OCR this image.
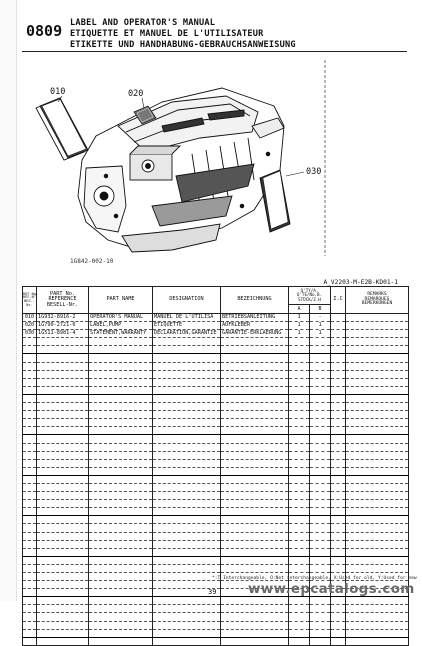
0809 LABEL AND OPERATOR'S MANUAL
ETIQUETTE ET MANUEL DE L'UTILISATEUR
ETIKETTE UND HANDHABUNG-GEBRAUCHSANWEISUNG
010	020
030
1G842-002-10
A_V2203-M-E2B-KD01-1
REF.No.
RÉF.N°
BEZ.-Nr.	PART No.
REFERENCE
BESELL-Nr.	PART NAME	DESIGNATION	BEZEICHNUNG	Q'TY/A.
Q'TE/No.B.
STÜCK/Z.H		I.C	REMARKS
REMARQUES
BEMERKUNGEN
					A	B		
010	1G932-8916-2	OPERATOR'S MANUAL	MANUEL DE L'UTILISA	BETRIEBSANLEITUNG	1	-		
020	1G790-2721-0	LABEL,PUMP	ETIQUETTE	AUFKLEBER	1	1		
030	1G511-8981-4	STATEMENT,WARRANTY	DECLARATION,GARANTIE	GARANTIE-ERKLAERUNG	1	1		

*:T Interchangeable, O:Not interchangeable, X:Used for old, Y:Used for new
39 www.epcatalogs.com
